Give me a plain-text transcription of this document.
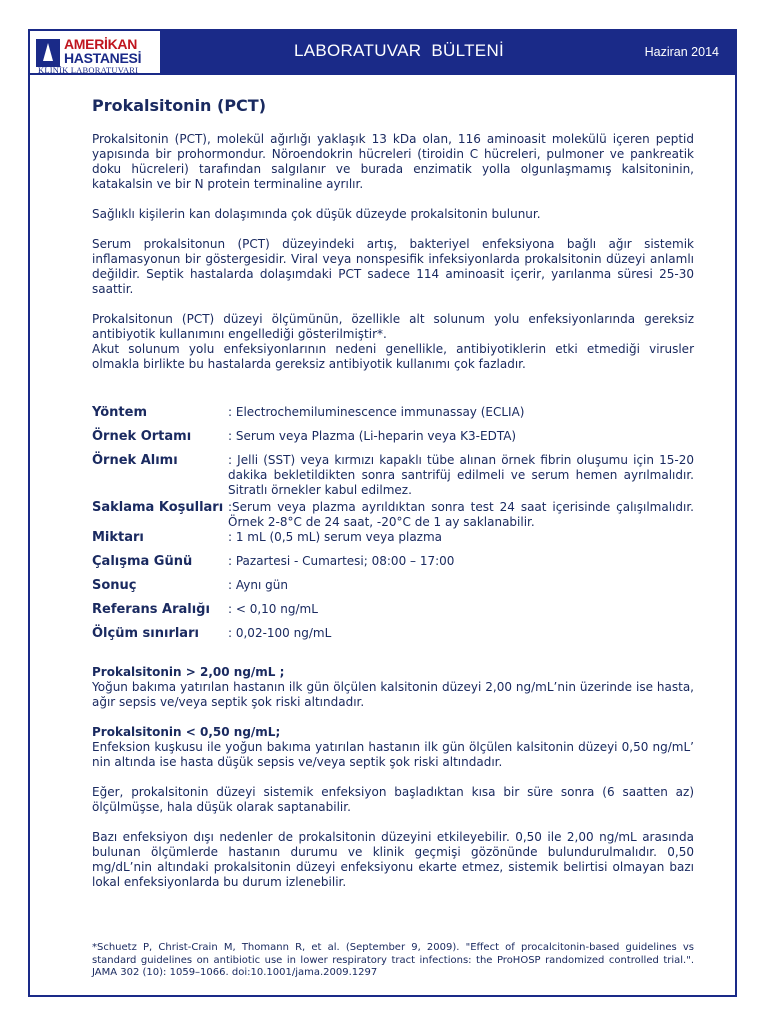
AMERİKAN
HASTANESİ
KLİNİK LABORATUVARI
LABORATUVAR  BÜLTENİ	Haziran 2014
Prokalsitonin (PCT)

Prokalsitonin (PCT), molekül ağırlığı yaklaşık 13 kDa olan, 116 aminoasit molekülü içeren peptid yapısında bir prohormondur. Nöroendokrin hücreleri (tiroidin C hücreleri, pulmoner ve pankreatik doku hücreleri) tarafından salgılanır ve burada enzimatik yolla olgunlaşmamış kalsitoninin, katakalsin ve bir N protein terminaline ayrılır.

Sağlıklı kişilerin kan dolaşımında çok düşük düzeyde prokalsitonin bulunur.

Serum prokalsitonun (PCT) düzeyindeki artış, bakteriyel enfeksiyona bağlı ağır sistemik inflamasyonun bir göstergesidir. Viral veya nonspesifik infeksiyonlarda prokalsitonin düzeyi anlamlı değildir. Septik hastalarda dolaşımdaki PCT sadece 114 aminoasit içerir, yarılanma süresi 25-30 saattir.

Prokalsitonun (PCT) düzeyi ölçümünün, özellikle alt solunum yolu enfeksiyonlarında gereksiz antibiyotik kullanımını engellediği gösterilmiştir*.

Akut solunum yolu enfeksiyonlarının nedeni genellikle, antibiyotiklerin etki etmediği virusler olmakla birlikte bu hastalarda gereksiz antibiyotik kullanımı çok fazladır.

Yöntem	: Electrochemiluminescence immunassay (ECLIA)
Örnek Ortamı	: Serum veya Plazma (Li-heparin veya K3-EDTA)
Örnek Alımı	: Jelli (SST) veya kırmızı kapaklı tübe alınan örnek fibrin oluşumu için 15-20 dakika bekletildikten sonra santrifüj edilmeli ve serum hemen ayrılmalıdır. Sitratlı örnekler kabul edilmez.
Saklama Koşulları	:Serum veya plazma ayrıldıktan sonra test 24 saat içerisinde çalışılmalıdır. Örnek 2-8°C de 24 saat, -20°C de 1 ay saklanabilir.
Miktarı	: 1 mL (0,5 mL) serum veya plazma
Çalışma Günü	: Pazartesi - Cumartesi; 08:00 – 17:00
Sonuç	: Aynı gün
Referans Aralığı	: < 0,10 ng/mL
Ölçüm sınırları	: 0,02-100 ng/mL

Prokalsitonin > 2,00 ng/mL ;

Yoğun bakıma yatırılan hastanın ilk gün ölçülen kalsitonin düzeyi 2,00 ng/mL’nin üzerinde ise hasta, ağır sepsis ve/veya septik şok riski altındadır.

Prokalsitonin < 0,50 ng/mL;

Enfeksion kuşkusu ile yoğun bakıma yatırılan hastanın ilk gün ölçülen kalsitonin düzeyi 0,50 ng/mL’ nin altında ise hasta düşük sepsis ve/veya septik şok riski altındadır.

Eğer, prokalsitonin düzeyi sistemik enfeksiyon başladıktan kısa bir süre sonra (6 saatten az) ölçülmüşse, hala düşük olarak saptanabilir.

Bazı enfeksiyon dışı nedenler de prokalsitonin düzeyini etkileyebilir. 0,50 ile 2,00 ng/mL arasında bulunan ölçümlerde hastanın durumu ve klinik geçmişi gözönünde bulundurulmalıdır. 0,50 mg/dL’nin altındaki prokalsitonin düzeyi enfeksiyonu ekarte etmez, sistemik belirtisi olmayan bazı lokal enfeksiyonlarda bu durum izlenebilir.

*Schuetz P, Christ-Crain M, Thomann R, et al. (September 9, 2009). "Effect of procalcitonin-based guidelines vs standard guidelines on antibiotic use in lower respiratory tract infections: the ProHOSP randomized controlled trial.". JAMA 302 (10): 1059–1066. doi:10.1001/jama.2009.1297
